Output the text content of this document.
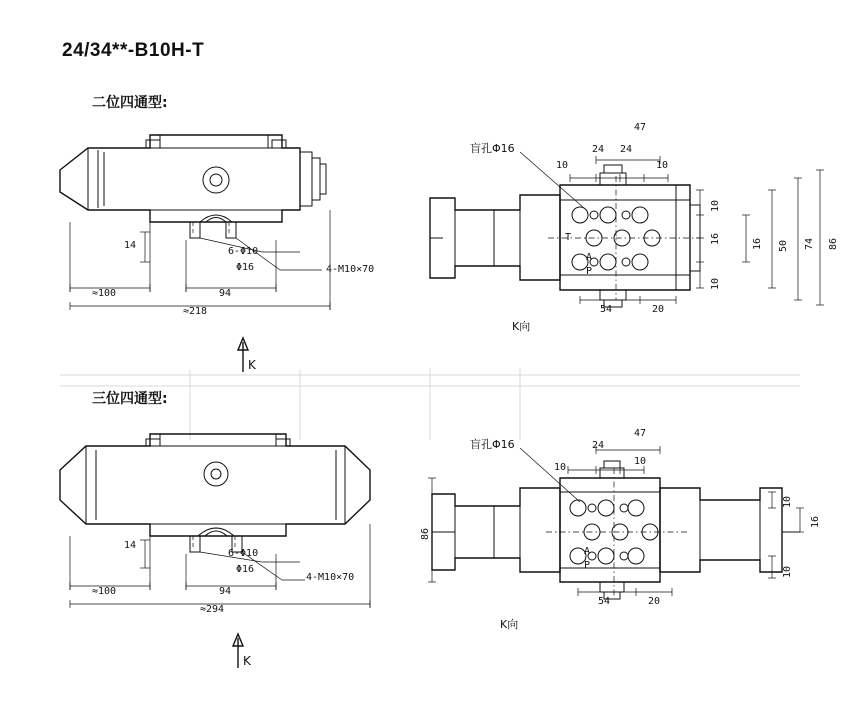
24/34**-B10H-T
二位四通型:
14
6-Φ10
Φ16	4-M10×70
≈100	94
≈218
K
盲孔Φ16
47
24 24
10
10
10
10
16	16 50 74 86
54	20
T
A
P
K向
三位四通型:
14
6-Φ10
Φ16
4-M10×70
≈100	94
≈294
K
盲孔Φ16
47
24
10
10
86
10
16
10
54	20
A
P
K向
